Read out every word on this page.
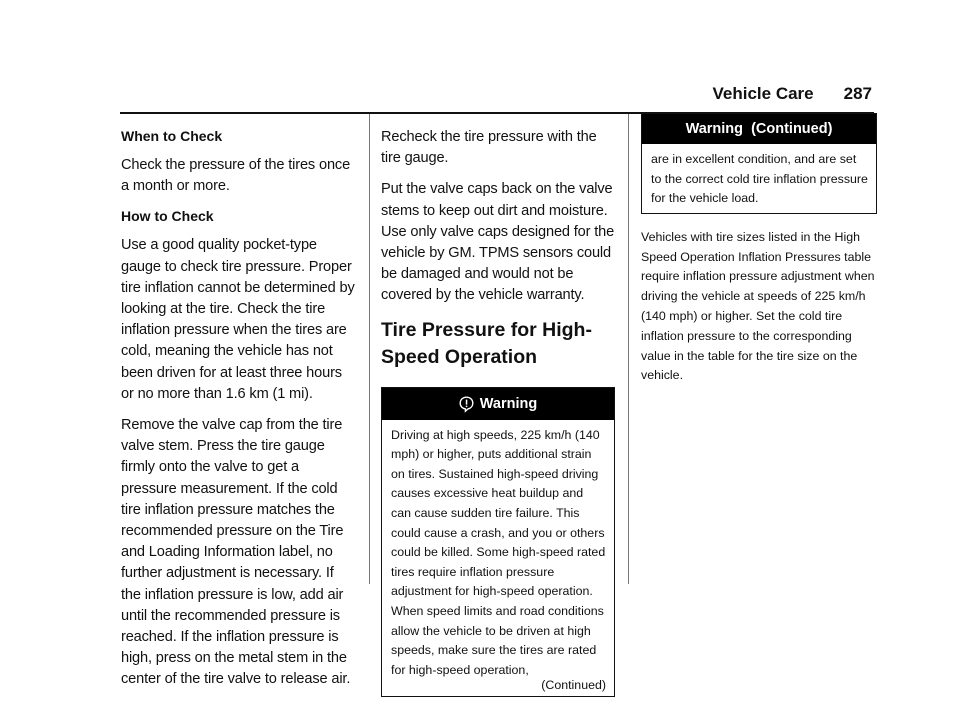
Vehicle Care 287
When to Check

Check the pressure of the tires once a month or more.

How to Check

Use a good quality pocket-type gauge to check tire pressure. Proper tire inflation cannot be determined by looking at the tire. Check the tire inflation pressure when the tires are cold, meaning the vehicle has not been driven for at least three hours or no more than 1.6 km (1 mi).

Remove the valve cap from the tire valve stem. Press the tire gauge firmly onto the valve to get a pressure measurement. If the cold tire inflation pressure matches the recommended pressure on the Tire and Loading Information label, no further adjustment is necessary. If the inflation pressure is low, add air until the recommended pressure is reached. If the inflation pressure is high, press on the metal stem in the center of the tire valve to release air.

Recheck the tire pressure with the tire gauge.

Put the valve caps back on the valve stems to keep out dirt and moisture. Use only valve caps designed for the vehicle by GM. TPMS sensors could be damaged and would not be covered by the vehicle warranty.

Tire Pressure for High-Speed Operation
Warning
Driving at high speeds, 225 km/h (140 mph) or higher, puts additional strain on tires. Sustained high-speed driving causes excessive heat buildup and can cause sudden tire failure. This could cause a crash, and you or others could be killed. Some high-speed rated tires require inflation pressure adjustment for high-speed operation. When speed limits and road conditions allow the vehicle to be driven at high speeds, make sure the tires are rated for high-speed operation,
(Continued)
Warning  (Continued)
are in excellent condition, and are set to the correct cold tire inflation pressure for the vehicle load.

Vehicles with tire sizes listed in the High Speed Operation Inflation Pressures table require inflation pressure adjustment when driving the vehicle at speeds of 225 km/h (140 mph) or higher. Set the cold tire inflation pressure to the corresponding value in the table for the tire size on the vehicle.
